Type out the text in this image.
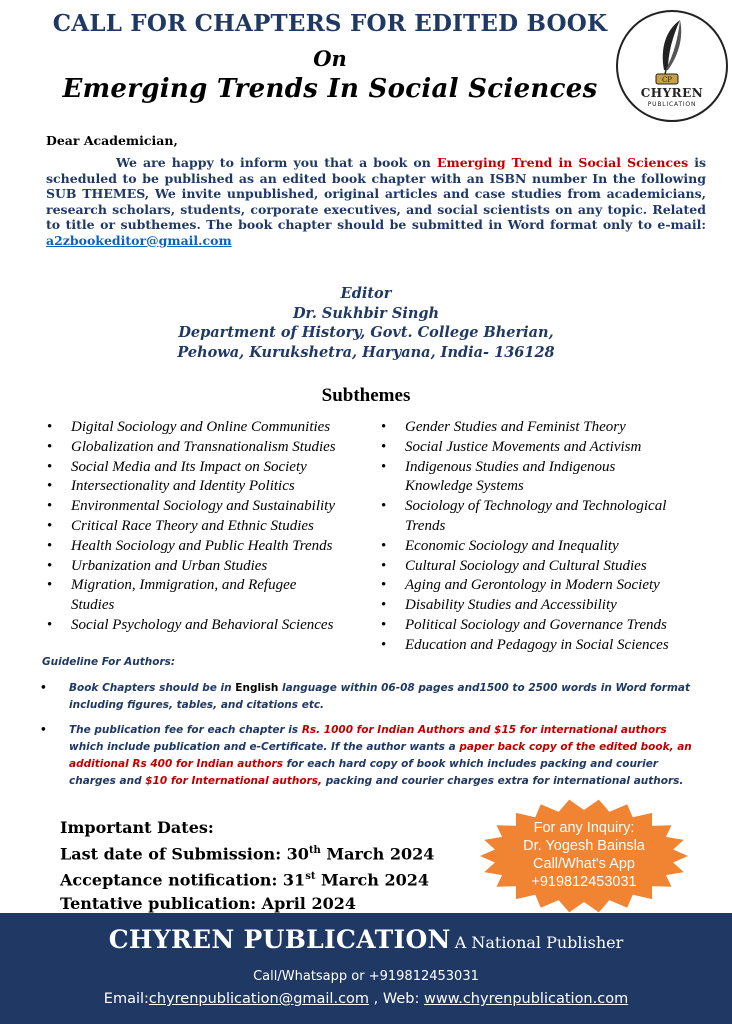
CALL FOR CHAPTERS FOR EDITED BOOK
On
Emerging Trends In Social Sciences	CP
CHYREN
PUBLICATION
Dear Academician,
We are happy to inform you that a book on Emerging Trend in Social Sciences is scheduled to be published as an edited book chapter with an ISBN number In the following SUB THEMES, We invite unpublished, original articles and case studies from academicians, research scholars, students, corporate executives, and social scientists on any topic. Related to title or subthemes. The book chapter should be submitted in Word format only to e-mail: a2zbookeditor@gmail.com
Editor
Dr. Sukhbir Singh
Department of History, Govt. College Bherian,
Pehowa, Kurukshetra, Haryana, India- 136128
Subthemes
• Digital Sociology and Online Communities
• Globalization and Transnationalism Studies
• Social Media and Its Impact on Society
• Intersectionality and Identity Politics
• Environmental Sociology and Sustainability
• Critical Race Theory and Ethnic Studies
• Health Sociology and Public Health Trends
• Urbanization and Urban Studies
• Migration, Immigration, and Refugee Studies
• Social Psychology and Behavioral Sciences
• Gender Studies and Feminist Theory
• Social Justice Movements and Activism
• Indigenous Studies and Indigenous Knowledge Systems
• Sociology of Technology and Technological Trends
• Economic Sociology and Inequality
• Cultural Sociology and Cultural Studies
• Aging and Gerontology in Modern Society
• Disability Studies and Accessibility
• Political Sociology and Governance Trends
• Education and Pedagogy in Social Sciences
Guideline For Authors:
• Book Chapters should be in English language within 06-08 pages and1500 to 2500 words in Word format including figures, tables, and citations etc.
• The publication fee for each chapter is Rs. 1000 for Indian Authors and $15 for international authors which include publication and e-Certificate. If the author wants a paper back copy of the edited book, an additional Rs 400 for Indian authors for each hard copy of book which includes packing and courier charges and $10 for International authors, packing and courier charges extra for international authors.
Important Dates:
Last date of Submission: 30th March 2024
Acceptance notification: 31st March 2024
Tentative publication: April 2024
For any Inquiry:
Dr. Yogesh Bainsla
Call/What's App
+919812453031
CHYREN PUBLICATION A National Publisher
Call/Whatsapp or +919812453031
Email:chyrenpublication@gmail.com , Web: www.chyrenpublication.com
